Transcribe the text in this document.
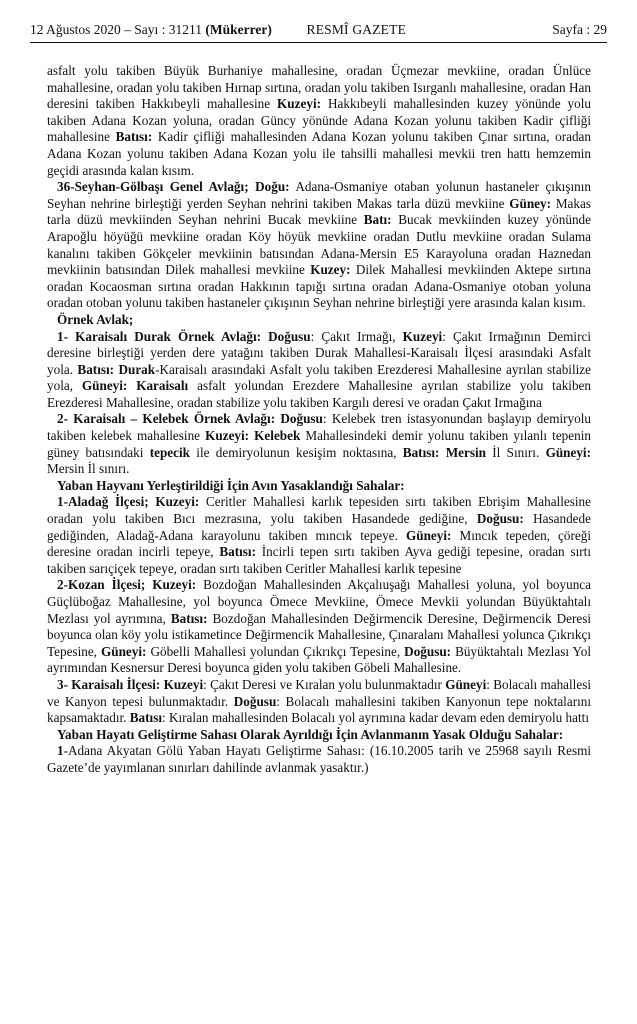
12 Ağustos 2020 – Sayı : 31211 (Mükerrer)	RESMÎ GAZETE	Sayfa : 29

asfalt yolu takiben Büyük Burhaniye mahallesine, oradan Üçmezar mevkiine, oradan Ünlüce mahallesine, oradan yolu takiben Hırnap sırtına, oradan yolu takiben Isırganlı mahallesine, oradan Han deresini takiben Hakkıbeyli mahallesine Kuzeyi: Hakkıbeyli mahallesinden kuzey yönünde yolu takiben Adana Kozan yoluna, oradan Güncy yönünde Adana Kozan yolunu takiben Kadir çifliği mahallesine Batısı: Kadir çifliği mahallesinden Adana Kozan yolunu takiben Çınar sırtına, oradan Adana Kozan yolunu takiben Adana Kozan yolu ile tahsilli mahallesi mevkii tren hattı hemzemin geçidi arasında kalan kısım.

36-Seyhan-Gölbaşı Genel Avlağı; Doğu: Adana-Osmaniye otaban yolunun hastaneler çıkışının Seyhan nehrine birleştiği yerden Seyhan nehrini takiben Makas tarla düzü mevkiine Güney: Makas tarla düzü mevkiinden Seyhan nehrini Bucak mevkiine Batı: Bucak mevkiinden kuzey yönünde Arapoğlu höyüğü mevkiine oradan Köy höyük mevkiine oradan Dutlu mevkiine oradan Sulama kanalını takiben Gökçeler mevkiinin batısından Adana-Mersin E5 Karayoluna oradan Haznedan mevkiinin batısından Dilek mahallesi mevkiine Kuzey: Dilek Mahallesi mevkiinden Aktepe sırtına oradan Kocaosman sırtına oradan Hakkının tapığı sırtına oradan Adana-Osmaniye otoban yoluna oradan otoban yolunu takiben hastaneler çıkışının Seyhan nehrine birleştiği yere arasında kalan kısım.

Örnek Avlak;

1- Karaisalı Durak Örnek Avlağı: Doğusu: Çakıt Irmağı, Kuzeyi: Çakıt Irmağının Demirci deresine birleştiği yerden dere yatağını takiben Durak Mahallesi-Karaisalı İlçesi arasındaki Asfalt yola. Batısı: Durak-Karaisalı arasındaki Asfalt yolu takiben Erezderesi Mahallesine ayrılan stabilize yola, Güneyi: Karaisalı asfalt yolundan Erezdere Mahallesine ayrılan stabilize yolu takiben Erezderesi Mahallesine, oradan stabilize yolu takiben Kargılı deresi ve oradan Çakıt Irmağına

2- Karaisalı – Kelebek Örnek Avlağı: Doğusu: Kelebek tren istasyonundan başlayıp demiryolu takiben kelebek mahallesine Kuzeyi: Kelebek Mahallesindeki demir yolunu takiben yılanlı tepenin güney batısındaki tepecik ile demiryolunun kesişim noktasına, Batısı: Mersin İl Sınırı. Güneyi: Mersin İl sınırı.

Yaban Hayvanı Yerleştirildiği İçin Avın Yasaklandığı Sahalar:

1-Aladağ İlçesi; Kuzeyi: Ceritler Mahallesi karlık tepesiden sırtı takiben Ebrişim Mahallesine oradan yolu takiben Bıcı mezrasına, yolu takiben Hasandede gediğine, Doğusu: Hasandede gediğinden, Aladağ-Adana karayolunu takiben mıncık tepeye. Güneyi: Mıncık tepeden, çöreği deresine oradan incirli tepeye, Batısı: İncirli tepen sırtı takiben Ayva gediği tepesine, oradan sırtı takiben sarıçiçek tepeye, oradan sırtı takiben Ceritler Mahallesi karlık tepesine

2-Kozan İlçesi; Kuzeyi: Bozdoğan Mahallesinden Akçalıuşağı Mahallesi yoluna, yol boyunca Güçlüboğaz Mahallesine, yol boyunca Ömece Mevkiine, Ömece Mevkii yolundan Büyüktahtalı Mezlası yol ayrımına, Batısı: Bozdoğan Mahallesinden Değirmencik Deresine, Değirmencik Deresi boyunca olan köy yolu istikametince Değirmencik Mahallesine, Çınaralanı Mahallesi yolunca Çıkrıkçı Tepesine, Güneyi: Göbelli Mahallesi yolundan Çıkrıkçı Tepesine, Doğusu: Büyüktahtalı Mezlası Yol ayrımından Kesnersur Deresi boyunca giden yolu takiben Göbeli Mahallesine.

3- Karaisalı İlçesi: Kuzeyi: Çakıt Deresi ve Kıralan yolu bulunmaktadır Güneyi: Bolacalı mahallesi ve Kanyon tepesi bulunmaktadır. Doğusu: Bolacalı mahallesini takiben Kanyonun tepe noktalarını kapsamaktadır. Batısı: Kıralan mahallesinden Bolacalı yol ayrımına kadar devam eden demiryolu hattı

Yaban Hayatı Geliştirme Sahası Olarak Ayrıldığı İçin Avlanmanın Yasak Olduğu Sahalar:

1-Adana Akyatan Gölü Yaban Hayatı Geliştirme Sahası: (16.10.2005 tarih ve 25968 sayılı Resmi Gazete’de yayımlanan sınırları dahilinde avlanmak yasaktır.)
